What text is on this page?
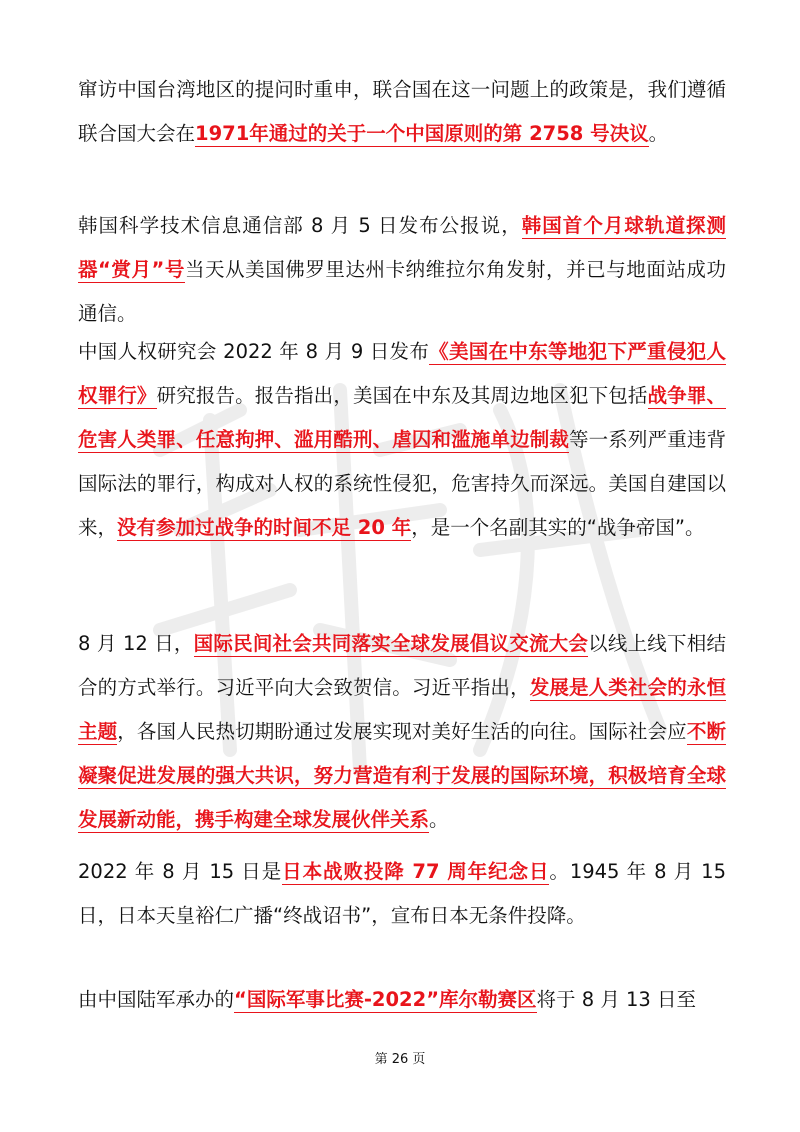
窜访中国台湾地区的提问时重申，联合国在这一问题上的政策是，我们遵循联合国大会在1971年通过的关于一个中国原则的第 2758 号决议。

韩国科学技术信息通信部 8 月 5 日发布公报说，韩国首个月球轨道探测器“赏月”号当天从美国佛罗里达州卡纳维拉尔角发射，并已与地面站成功通信。

中国人权研究会 2022 年 8 月 9 日发布《美国在中东等地犯下严重侵犯人权罪行》研究报告。报告指出，美国在中东及其周边地区犯下包括战争罪、危害人类罪、任意拘押、滥用酷刑、虐囚和滥施单边制裁等一系列严重违背国际法的罪行，构成对人权的系统性侵犯，危害持久而深远。美国自建国以来，没有参加过战争的时间不足 20 年，是一个名副其实的“战争帝国”。

8 月 12 日，国际民间社会共同落实全球发展倡议交流大会以线上线下相结合的方式举行。习近平向大会致贺信。习近平指出，发展是人类社会的永恒主题，各国人民热切期盼通过发展实现对美好生活的向往。国际社会应不断凝聚促进发展的强大共识，努力营造有利于发展的国际环境，积极培育全球发展新动能，携手构建全球发展伙伴关系。

2022 年 8 月 15 日是日本战败投降 77 周年纪念日。1945 年 8 月 15 日，日本天皇裕仁广播“终战诏书”，宣布日本无条件投降。

由中国陆军承办的“国际军事比赛-2022”库尔勒赛区将于 8 月 13 日至

第 26 页
